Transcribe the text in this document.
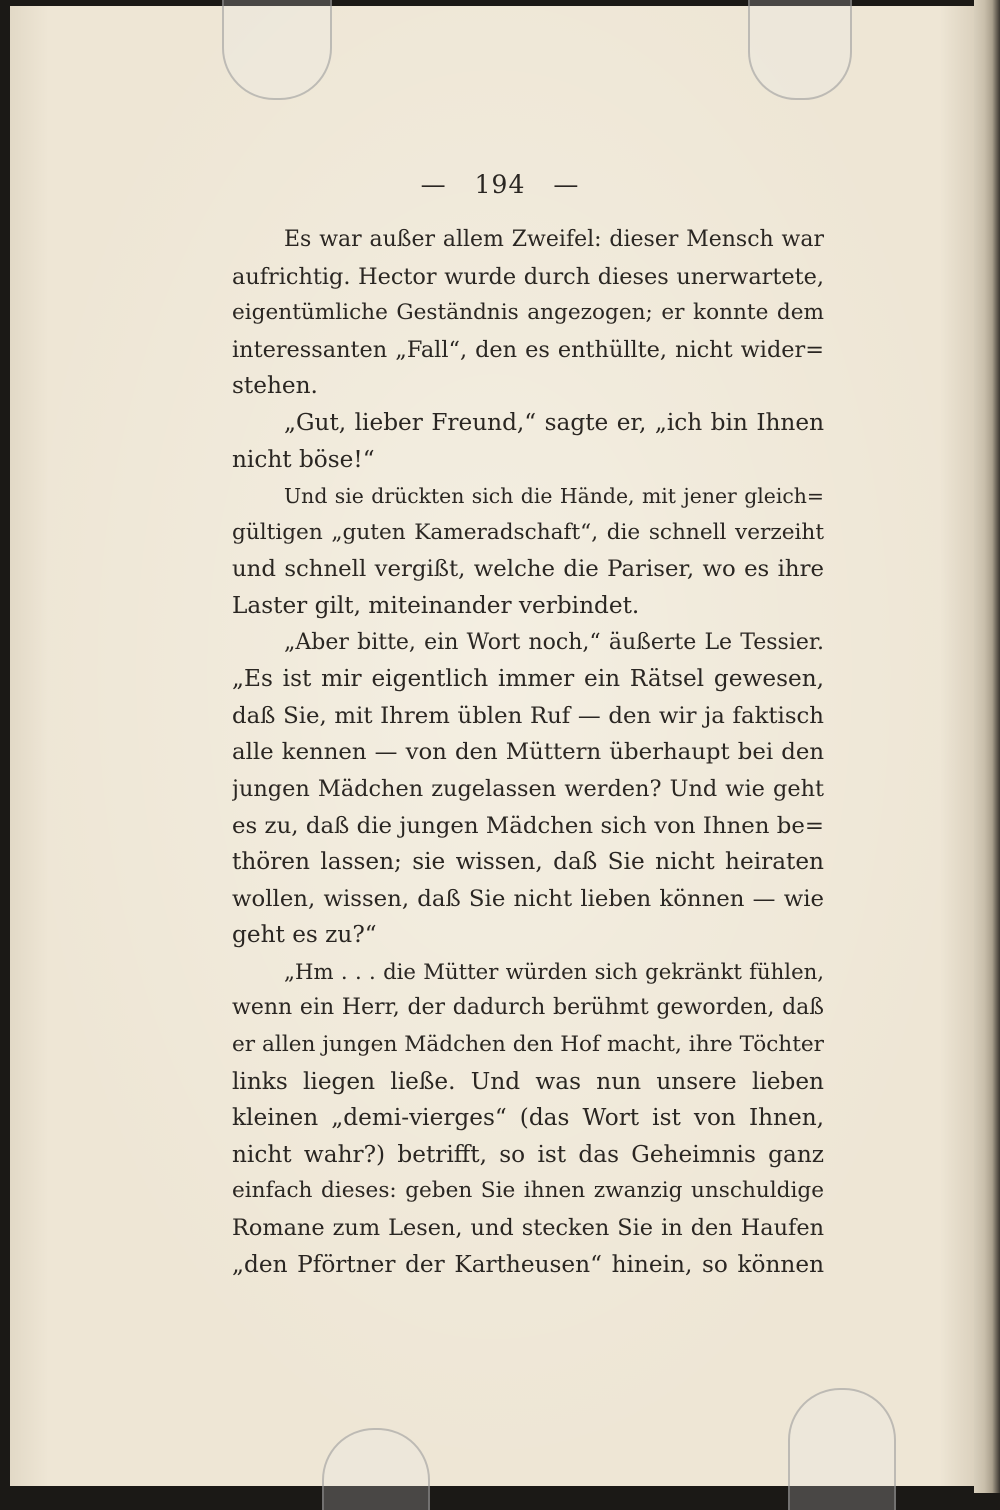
— 194 —
Es war außer allem Zweifel: dieser Mensch war
aufrichtig. Hector wurde durch dieses unerwartete,
eigentümliche Geständnis angezogen; er konnte dem
interessanten „Fall“, den es enthüllte, nicht wider=
stehen.
„Gut, lieber Freund,“ sagte er, „ich bin Ihnen
nicht böse!“
Und sie drückten sich die Hände, mit jener gleich=
gültigen „guten Kameradschaft“, die schnell verzeiht
und schnell vergißt, welche die Pariser, wo es ihre
Laster gilt, miteinander verbindet.
„Aber bitte, ein Wort noch,“ äußerte Le Tessier.
„Es ist mir eigentlich immer ein Rätsel gewesen,
daß Sie, mit Ihrem üblen Ruf — den wir ja faktisch
alle kennen — von den Müttern überhaupt bei den
jungen Mädchen zugelassen werden? Und wie geht
es zu, daß die jungen Mädchen sich von Ihnen be=
thören lassen; sie wissen, daß Sie nicht heiraten
wollen, wissen, daß Sie nicht lieben können — wie
geht es zu?“
„Hm . . . die Mütter würden sich gekränkt fühlen,
wenn ein Herr, der dadurch berühmt geworden, daß
er allen jungen Mädchen den Hof macht, ihre Töchter
links liegen ließe. Und was nun unsere lieben
kleinen „demi-vierges“ (das Wort ist von Ihnen,
nicht wahr?) betrifft, so ist das Geheimnis ganz
einfach dieses: geben Sie ihnen zwanzig unschuldige
Romane zum Lesen, und stecken Sie in den Haufen
„den Pförtner der Kartheusen“ hinein, so können
